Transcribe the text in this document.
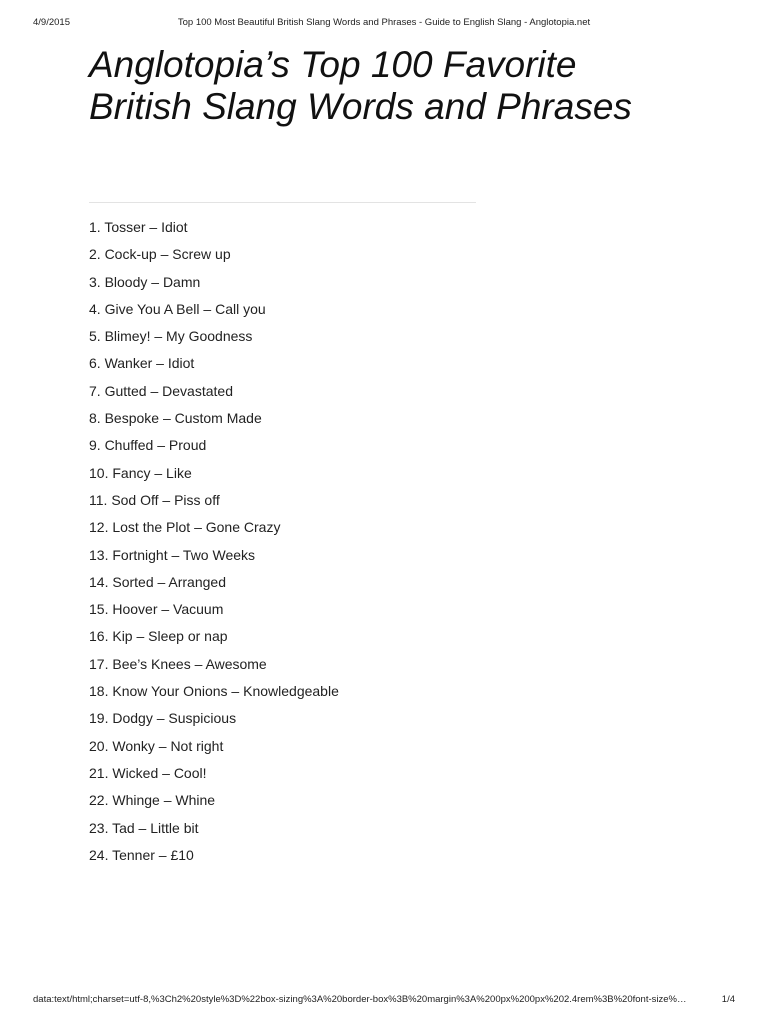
4/9/2015	Top 100 Most Beautiful British Slang Words and Phrases - Guide to English Slang - Anglotopia.net
Anglotopia’s Top 100 Favorite
British Slang Words and Phrases
1. Tosser – Idiot
2. Cock-up – Screw up
3. Bloody – Damn
4. Give You A Bell – Call you
5. Blimey! – My Goodness
6. Wanker – Idiot
7. Gutted – Devastated
8. Bespoke – Custom Made
9. Chuffed – Proud
10. Fancy – Like
11. Sod Off – Piss off
12. Lost the Plot – Gone Crazy
13. Fortnight – Two Weeks
14. Sorted – Arranged
15. Hoover – Vacuum
16. Kip – Sleep or nap
17. Bee’s Knees – Awesome
18. Know Your Onions – Knowledgeable
19. Dodgy – Suspicious
20. Wonky – Not right
21. Wicked – Cool!
22. Whinge – Whine
23. Tad – Little bit
24. Tenner – £10
data:text/html;charset=utf-8,%3Ch2%20style%3D%22box-sizing%3A%20border-box%3B%20margin%3A%200px%200px%202.4rem%3B%20font-size%…	1/4
